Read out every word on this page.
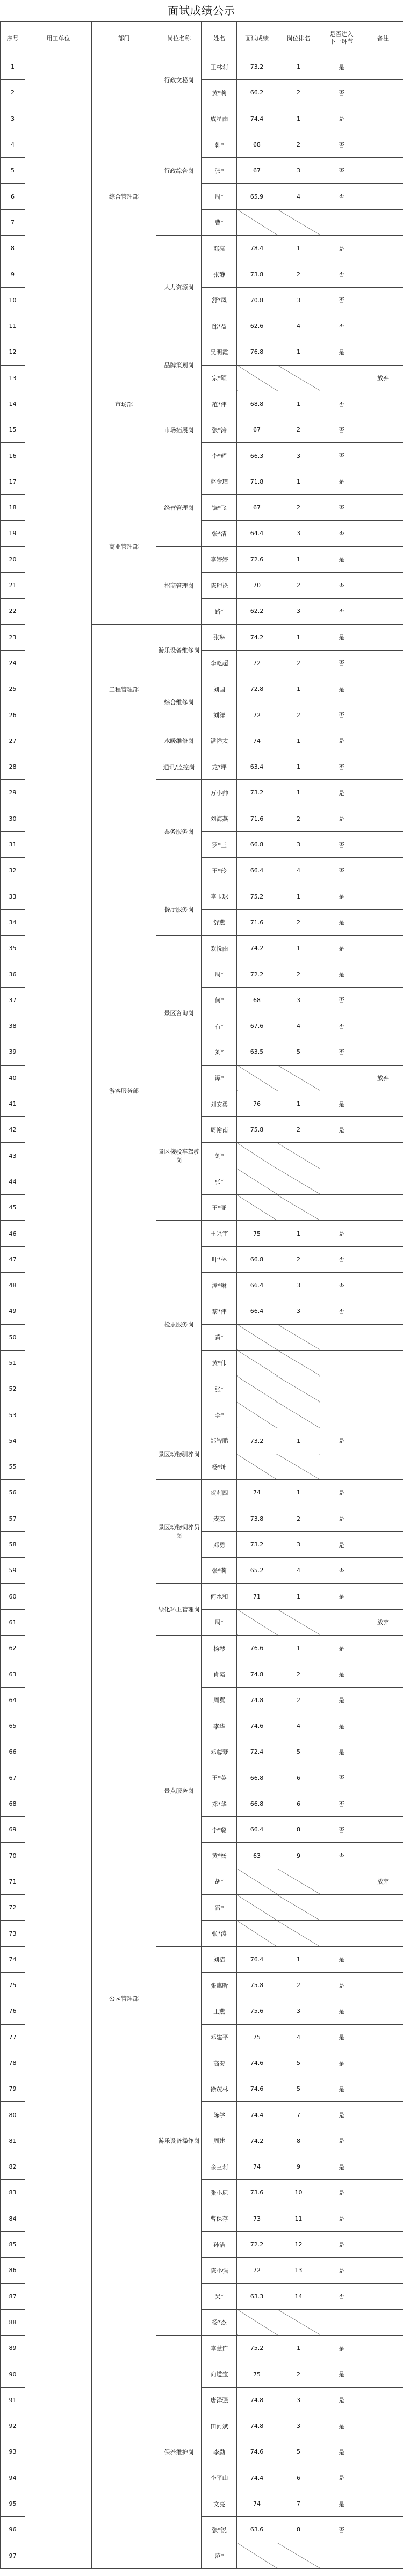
面试成绩公示
序号	用工单位	部门	岗位名称	姓名	面试成绩	岗位排名	是否进入下一环节	备注
1		综合管理部	行政文秘岗	王林莉	73.2	1	是	
2				黄*莉	66.2	2	否	
3			行政综合岗	成星雨	74.4	1	是	
4				韩*	68	2	否	
5				张*	67	3	否	
6				周*	65.9	4	否	
7				曹*				
8			人力资源岗	邓亮	78.4	1	是	
9				张静	73.8	2	否	
10				舒*凤	70.8	3	否	
11				邱*益	62.6	4	否	
12		市场部	品牌策划岗	吴明霞	76.8	1	是	
13				宗*颖				放弃
14			市场拓展岗	范*伟	68.8	1	否	
15				张*涛	67	2	否	
16				李*辉	66.3	3	否	
17		商业管理部	经营管理岗	赵金瑾	71.8	1	是	
18				饶*飞	67	2	否	
19				张*洁	64.4	3	否	
20			招商管理岗	李婷婷	72.6	1	是	
21				陈理论	70	2	否	
22				路*	62.2	3	否	
23		工程管理部	游乐设备维修岗	张琳	74.2	1	是	
24				李乾超	72	2	否	
25			综合维修岗	刘国	72.8	1	是	
26				刘洋	72	2	否	
27			水暖维修岗	潘祥太	74	1	是	
28		游客服务部	通讯/监控岗	龙*坪	63.4	1	否	
29			票务服务岗	万小帅	73.2	1	是	
30				刘海燕	71.6	2	是	
31				罗*三	66.8	3	否	
32				王*玲	66.4	4	否	
33			餐厅服务岗	李玉球	75.2	1	是	
34				舒燕	71.6	2	是	
35			景区咨询岗	欢悦雨	74.2	1	是	
36				周*	72.2	2	是	
37				何*	68	3	否	
38				石*	67.6	4	否	
39				刘*	63.5	5	否	
40				谭*				放弃
41			景区接驳车驾驶岗	刘安勇	76	1	是	
42				周裕南	75.8	2	是	
43				刘*				
44				张*				
45				王*亚				
46			检票服务岗	王兴宇	75	1	是	
47				叶*林	66.8	2	否	
48				潘*琳	66.4	3	否	
49				黎*伟	66.4	3	否	
50				黄*				
51				黄*伟				
52				张*				
53				李*				
54		公园管理部	景区动物驯养岗	邹智鹏	73.2	1	是	
55				杨*坤				
56			景区动物饲养员岗	贺莉四	74	1	是	
57				麦杰	73.8	2	是	
58				邓勇	73.2	3	是	
59				张*莉	65.2	4	否	
60			绿化环卫管理岗	何水和	71	1	是	
61				周*				放弃
62			景点服务岗	杨琴	76.6	1	是	
63				肖霞	74.8	2	是	
64				周翼	74.8	2	是	
65				李华	74.6	4	是	
66				邓蓉琴	72.4	5	是	
67				王*英	66.8	6	否	
68				邓*华	66.8	6	否	
69				李*璐	66.4	8	否	
70				黄*杨	63	9	否	
71				胡*				放弃
72				雷*				
73				张*涛				
74			游乐设备操作岗	刘洁	76.4	1	是	
75				张惠昕	75.8	2	是	
76				王燕	75.6	3	是	
77				邓建平	75	4	是	
78				高秦	74.6	5	是	
79				徐茂林	74.6	5	是	
80				陈学	74.4	7	是	
81				周建	74.2	8	是	
82				余三莉	74	9	是	
83				张小尼	73.6	10	是	
84				曹保存	73	11	是	
85				孙洁	72.2	12	是	
86				陈小强	72	13	是	
87				吴*	63.3	14	否	
88				杨*杰				
89			保养维护岗	李慧连	75.2	1	是	
90				向道宝	75	2	是	
91				唐泽强	74.8	3	是	
92				田河斌	74.8	3	是	
93				李勤	74.6	5	是	
94				李平山	74.4	6	是	
95				文亮	74	7	是	
96				张*锐	63.6	8	否	
97				范*				
